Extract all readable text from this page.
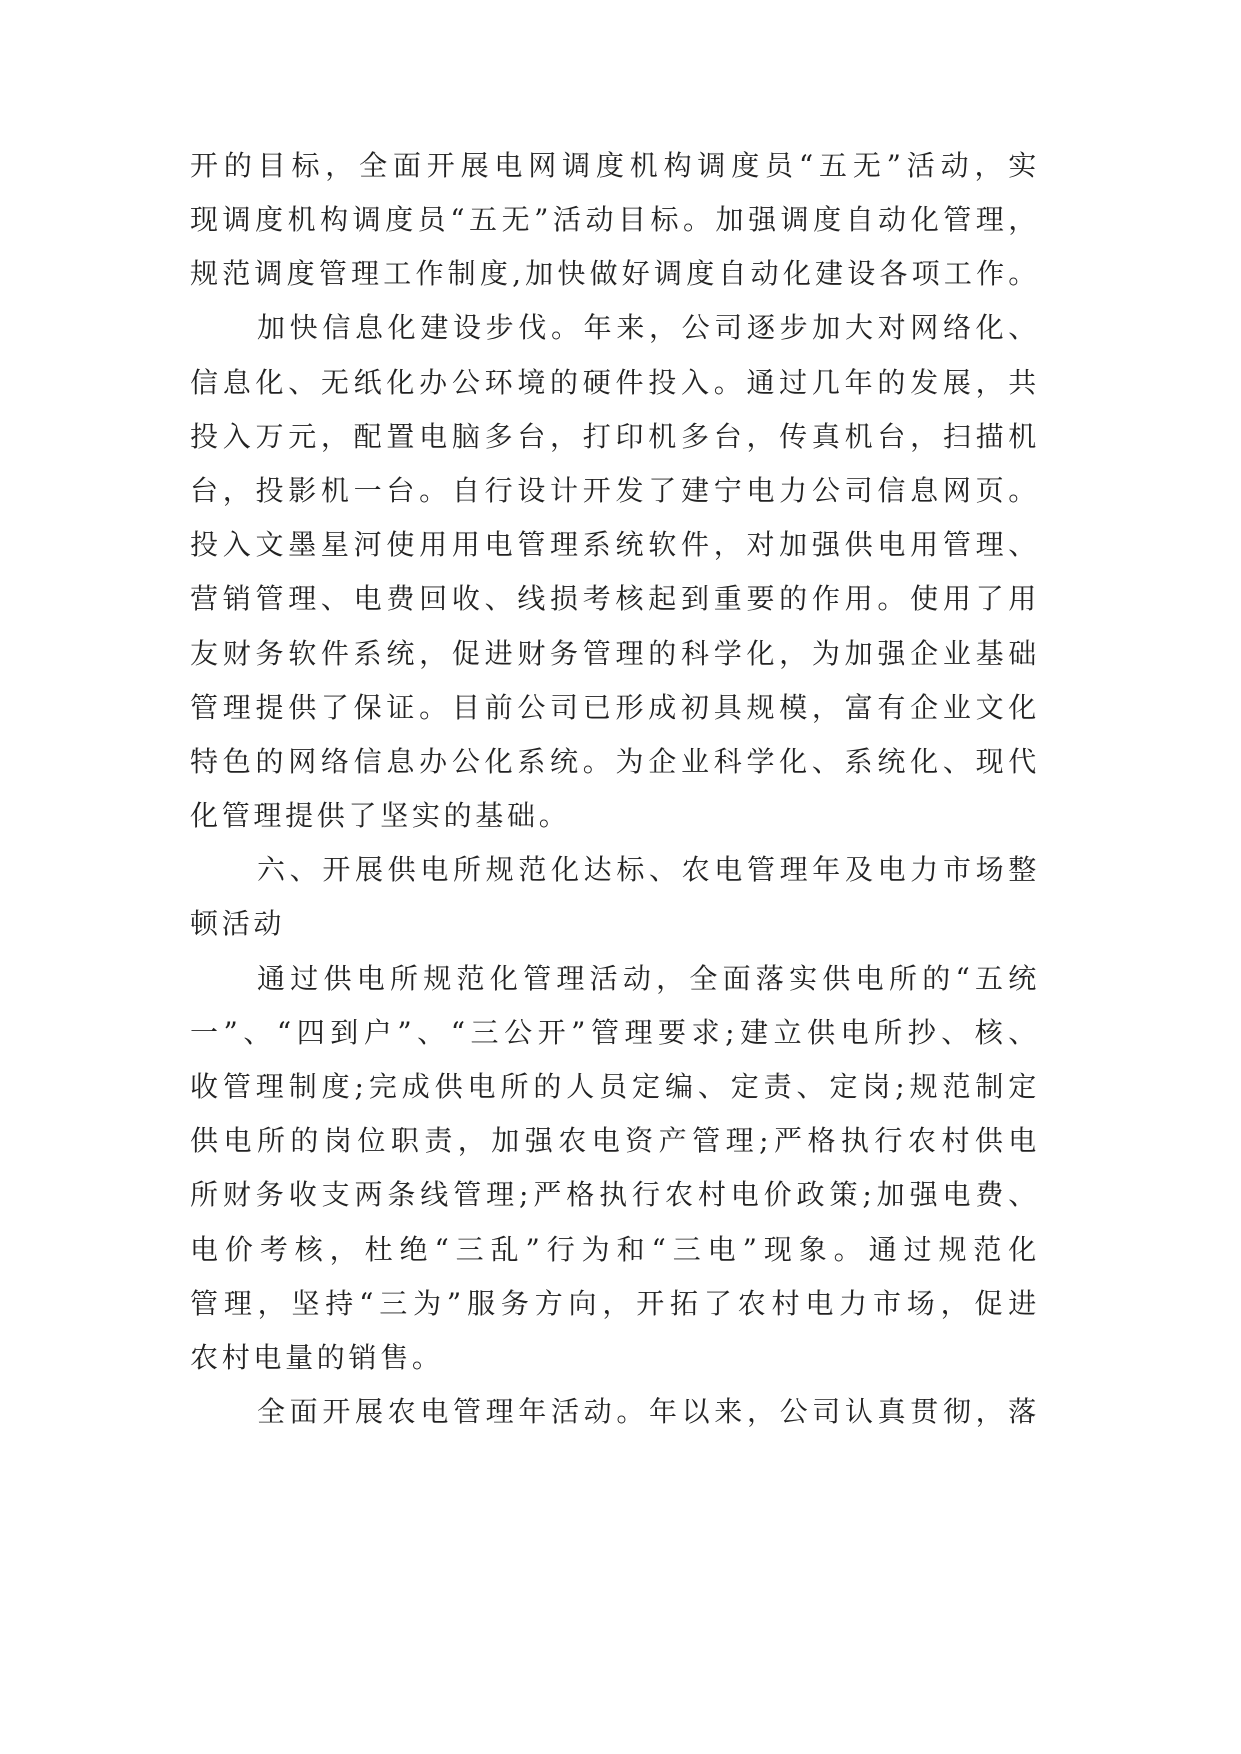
开的目标，全面开展电网调度机构调度员“五无”活动，实
现调度机构调度员“五无”活动目标。加强调度自动化管理，
规范调度管理工作制度,加快做好调度自动化建设各项工作。
加快信息化建设步伐。年来，公司逐步加大对网络化、
信息化、无纸化办公环境的硬件投入。通过几年的发展，共
投入万元，配置电脑多台，打印机多台，传真机台，扫描机
台，投影机一台。自行设计开发了建宁电力公司信息网页。
投入文墨星河使用用电管理系统软件，对加强供电用管理、
营销管理、电费回收、线损考核起到重要的作用。使用了用
友财务软件系统，促进财务管理的科学化，为加强企业基础
管理提供了保证。目前公司已形成初具规模，富有企业文化
特色的网络信息办公化系统。为企业科学化、系统化、现代
化管理提供了坚实的基础。
六、开展供电所规范化达标、农电管理年及电力市场整
顿活动
通过供电所规范化管理活动，全面落实供电所的“五统
一”、“四到户”、“三公开”管理要求;建立供电所抄、核、
收管理制度;完成供电所的人员定编、定责、定岗;规范制定
供电所的岗位职责，加强农电资产管理;严格执行农村供电
所财务收支两条线管理;严格执行农村电价政策;加强电费、
电价考核，杜绝“三乱”行为和“三电”现象。通过规范化
管理，坚持“三为”服务方向，开拓了农村电力市场，促进
农村电量的销售。
全面开展农电管理年活动。年以来，公司认真贯彻，落
